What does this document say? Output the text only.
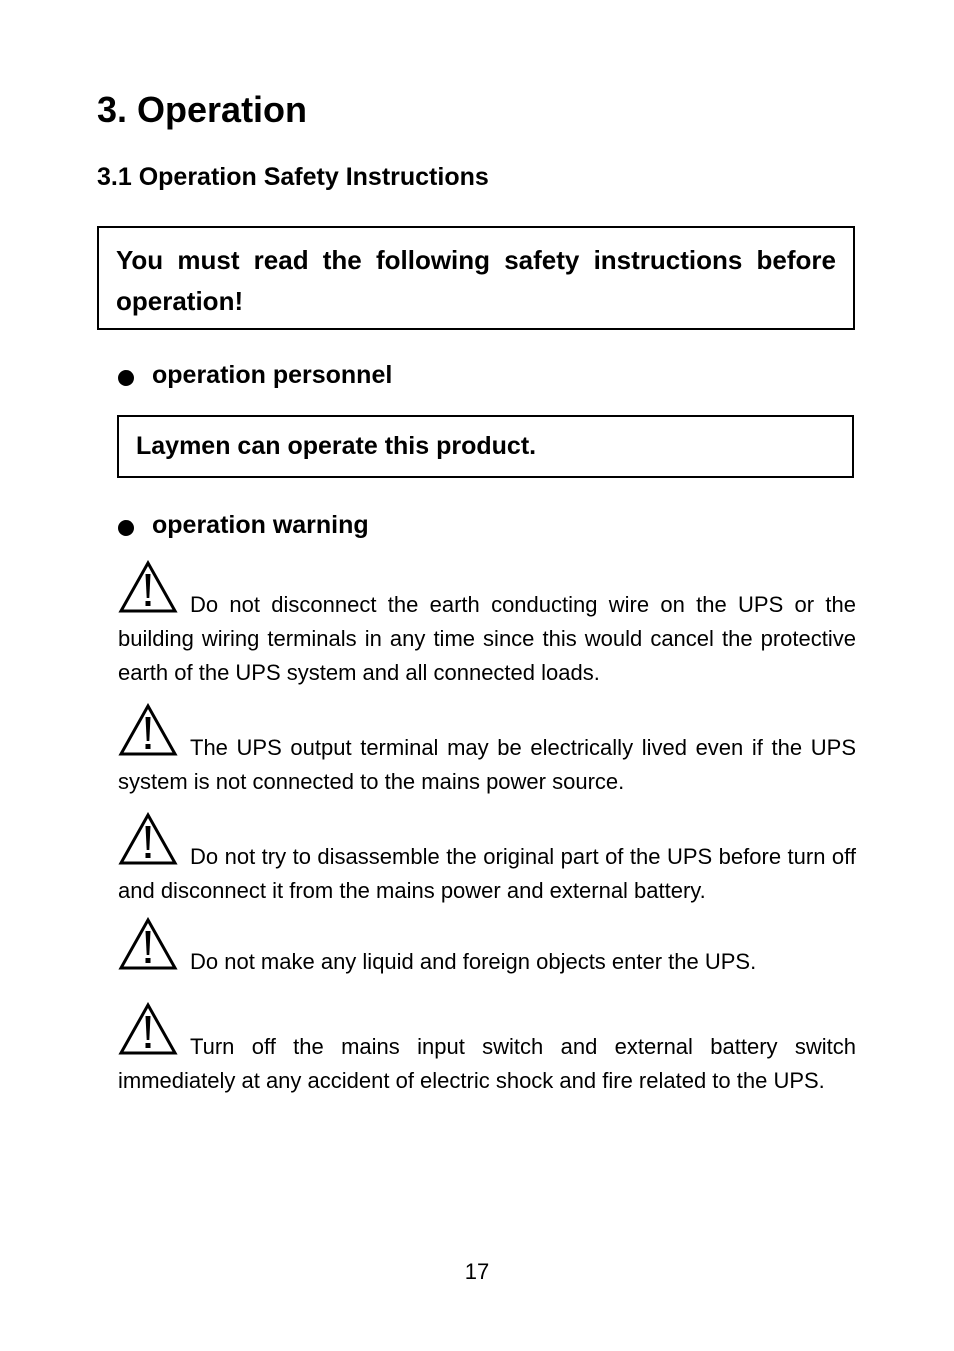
3. Operation
3.1 Operation Safety Instructions
You must read the following safety instructions before operation!
operation personnel
Laymen can operate this product.
operation warning
Do not disconnect the earth conducting wire on the UPS or the building wiring terminals in any time since this would cancel the protective earth of the UPS system and all connected loads.
The UPS output terminal may be electrically lived even if the UPS system is not connected to the mains power source.
Do not try to disassemble the original part of the UPS before turn off and disconnect it from the mains power and external battery.
Do not make any liquid and foreign objects enter the UPS.
Turn off the mains input switch and external battery switch immediately at any accident of electric shock and fire related to the UPS.
17
